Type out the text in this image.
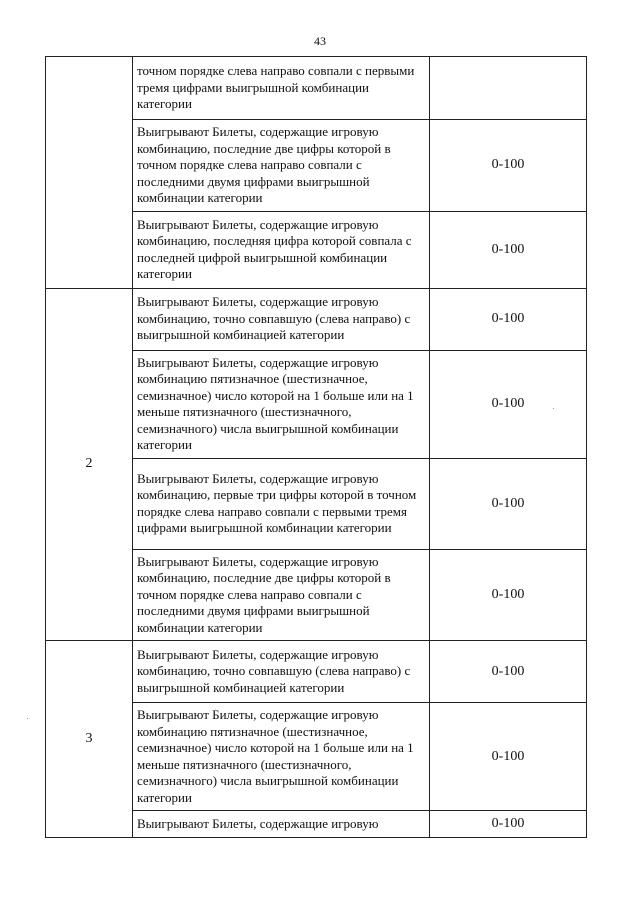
43
	точном порядке слева направо совпали с первыми тремя цифрами выигрышной комбинации категории	
	Выигрывают Билеты, содержащие игровую комбинацию, последние две цифры которой в точном порядке слева направо совпали с последними двумя цифрами выигрышной комбинации категории	0-100
	Выигрывают Билеты, содержащие игровую комбинацию, последняя цифра которой совпала с последней цифрой выигрышной комбинации категории	0-100
2	Выигрывают Билеты, содержащие игровую комбинацию, точно совпавшую (слева направо) с выигрышной комбинацией категории	0-100
	Выигрывают Билеты, содержащие игровую комбинацию пятизначное (шестизначное, семизначное) число которой на 1 больше или на 1 меньше пятизначного (шестизначного, семизначного) числа выигрышной комбинации категории	0-100
	Выигрывают Билеты, содержащие игровую комбинацию, первые три цифры которой в точном порядке слева направо совпали с первыми тремя цифрами выигрышной комбинации категории	0-100
	Выигрывают Билеты, содержащие игровую комбинацию, последние две цифры которой в точном порядке слева направо совпали с последними двумя цифрами выигрышной комбинации категории	0-100
3	Выигрывают Билеты, содержащие игровую комбинацию, точно совпавшую (слева направо) с выигрышной комбинацией категории	0-100
	Выигрывают Билеты, содержащие игровую комбинацию пятизначное (шестизначное, семизначное) число которой на 1 больше или на 1 меньше пятизначного (шестизначного, семизначного) числа выигрышной комбинации категории	0-100
	Выигрывают Билеты, содержащие игровую	0-100
